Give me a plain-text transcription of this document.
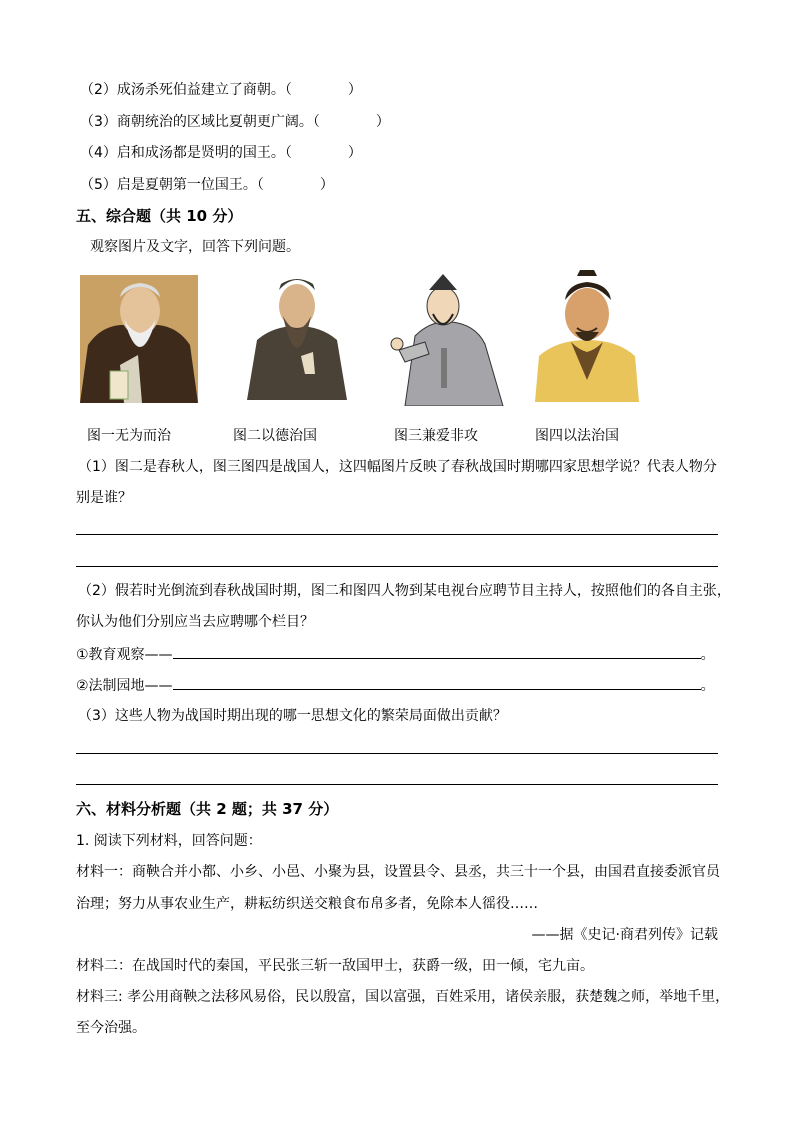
（2）成汤杀死伯益建立了商朝。（　　　　）
（3）商朝统治的区域比夏朝更广阔。（　　　　）
（4）启和成汤都是贤明的国王。（　　　　）
（5）启是夏朝第一位国王。（　　　　）
五、综合题（共 10 分）
观察图片及文字，回答下列问题。
图一无为而治	图二以德治国	图三兼爱非攻	图四以法治国
（1）图二是春秋人，图三图四是战国人，这四幅图片反映了春秋战国时期哪四家思想学说？代表人物分
别是谁？
（2）假若时光倒流到春秋战国时期，图二和图四人物到某电视台应聘节目主持人，按照他们的各自主张，
你认为他们分别应当去应聘哪个栏目？
①教育观察——	。
②法制园地——	。
（3）这些人物为战国时期出现的哪一思想文化的繁荣局面做出贡献？
六、材料分析题（共 2 题；共 37 分）
1. 阅读下列材料，回答问题：
材料一：商鞅合并小都、小乡、小邑、小聚为县，设置县令、县丞，共三十一个县，由国君直接委派官员
治理；努力从事农业生产，耕耘纺织送交粮食布帛多者，免除本人徭役……
——据《史记·商君列传》记载
材料二：在战国时代的秦国，平民张三斩一敌国甲士，获爵一级，田一倾，宅九亩。
材料三: 孝公用商鞅之法移风易俗，民以殷富，国以富强，百姓采用，诸侯亲服，获楚魏之师，举地千里，
至今治强。
